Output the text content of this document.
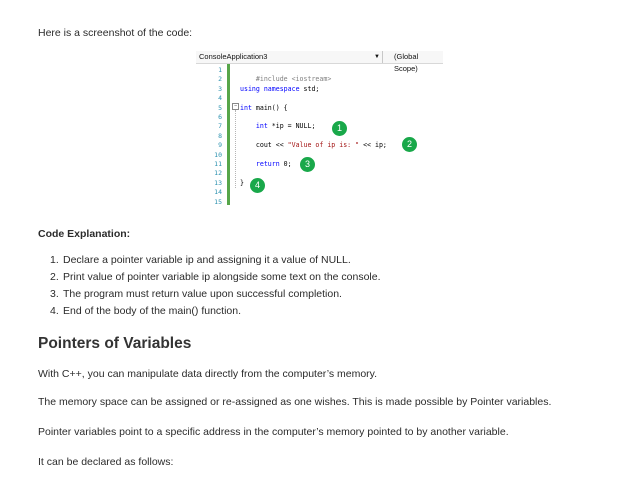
Here is a screenshot of the code:

ConsoleApplication3	▼ (Global Scope)
1
2
3
4
5
6
7
8
9
10
11
12
13
14
15
−

#include <iostream>

using namespace std;
int main() {
int *ip = NULL;
cout << "Value of ip is: " << ip;
return 0;
}
1
2
3
4

Code Explanation:

1. Declare a pointer variable ip and assigning it a value of NULL.
2. Print value of pointer variable ip alongside some text on the console.
3. The program must return value upon successful completion.
4. End of the body of the main() function.
Pointers of Variables

With C++, you can manipulate data directly from the computer’s memory.

The memory space can be assigned or re-assigned as one wishes. This is made possible by Pointer variables.

Pointer variables point to a specific address in the computer’s memory pointed to by another variable.

It can be declared as follows:
